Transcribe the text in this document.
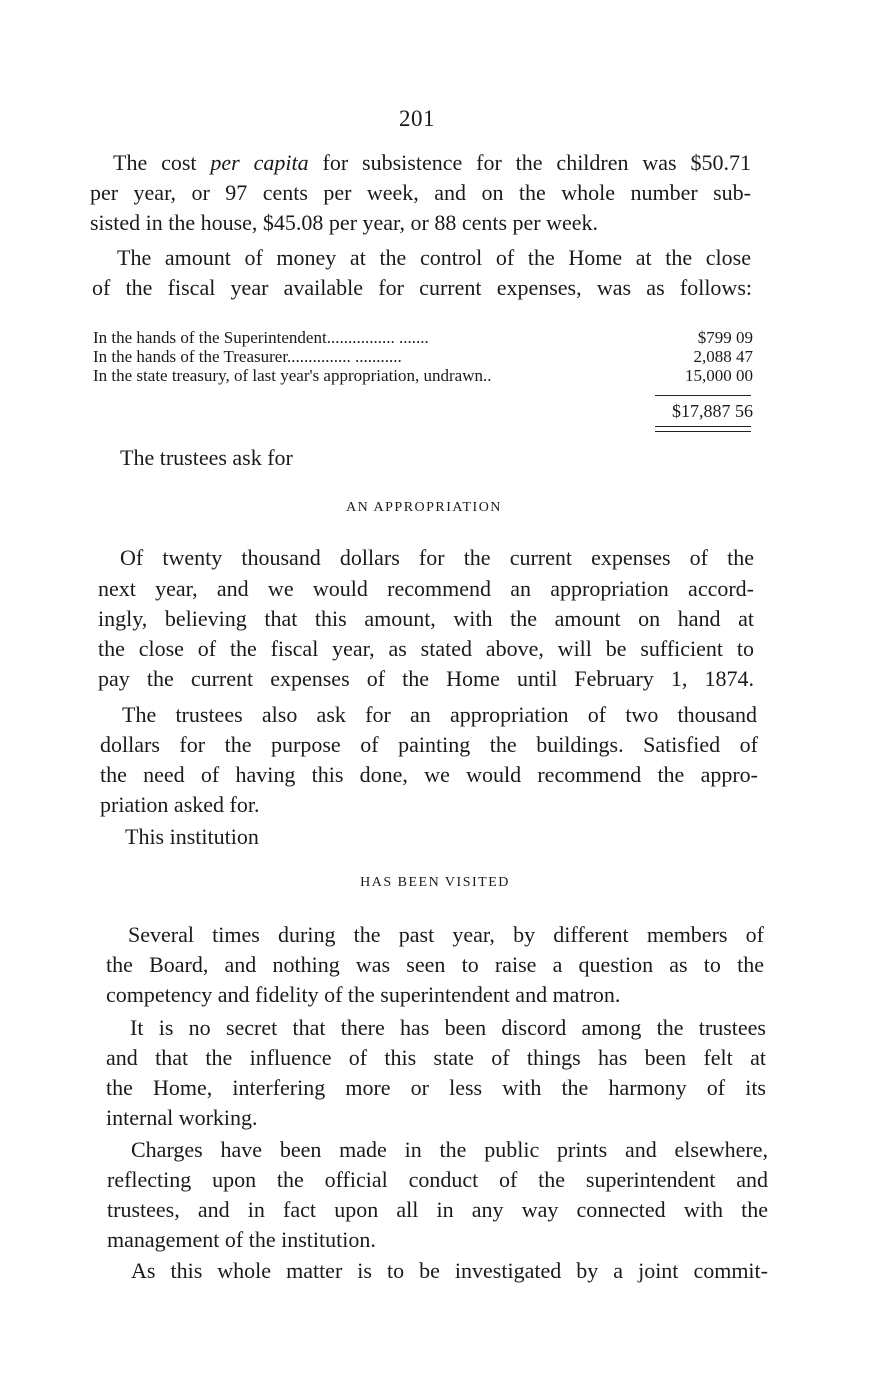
201
The cost per capita for subsistence for the children was $50.71
per year, or 97 cents per week, and on the whole number sub-
sisted in the house, $45.08 per year, or 88 cents per week.
The amount of money at the control of the Home at the close
of the fiscal year available for current expenses, was as follows:
In the hands of the Superintendent................ .......	$799 09
In the hands of the Treasurer............... ...........	2,088 47
In the state treasury, of last year's appropriation, undrawn..	15,000 00
$17,887 56
The trustees ask for
AN APPROPRIATION
Of twenty thousand dollars for the current expenses of the
next year, and we would recommend an appropriation accord-
ingly, believing that this amount, with the amount on hand at
the close of the fiscal year, as stated above, will be sufficient to
pay the current expenses of the Home until February 1, 1874.
The trustees also ask for an appropriation of two thousand
dollars for the purpose of painting the buildings. Satisfied of
the need of having this done, we would recommend the appro-
priation asked for.
This institution
HAS BEEN VISITED
Several times during the past year, by different members of
the Board, and nothing was seen to raise a question as to the
competency and fidelity of the superintendent and matron.
It is no secret that there has been discord among the trustees
and that the influence of this state of things has been felt at
the Home, interfering more or less with the harmony of its
internal working.
Charges have been made in the public prints and elsewhere,
reflecting upon the official conduct of the superintendent and
trustees, and in fact upon all in any way connected with the
management of the institution.
As this whole matter is to be investigated by a joint commit-
